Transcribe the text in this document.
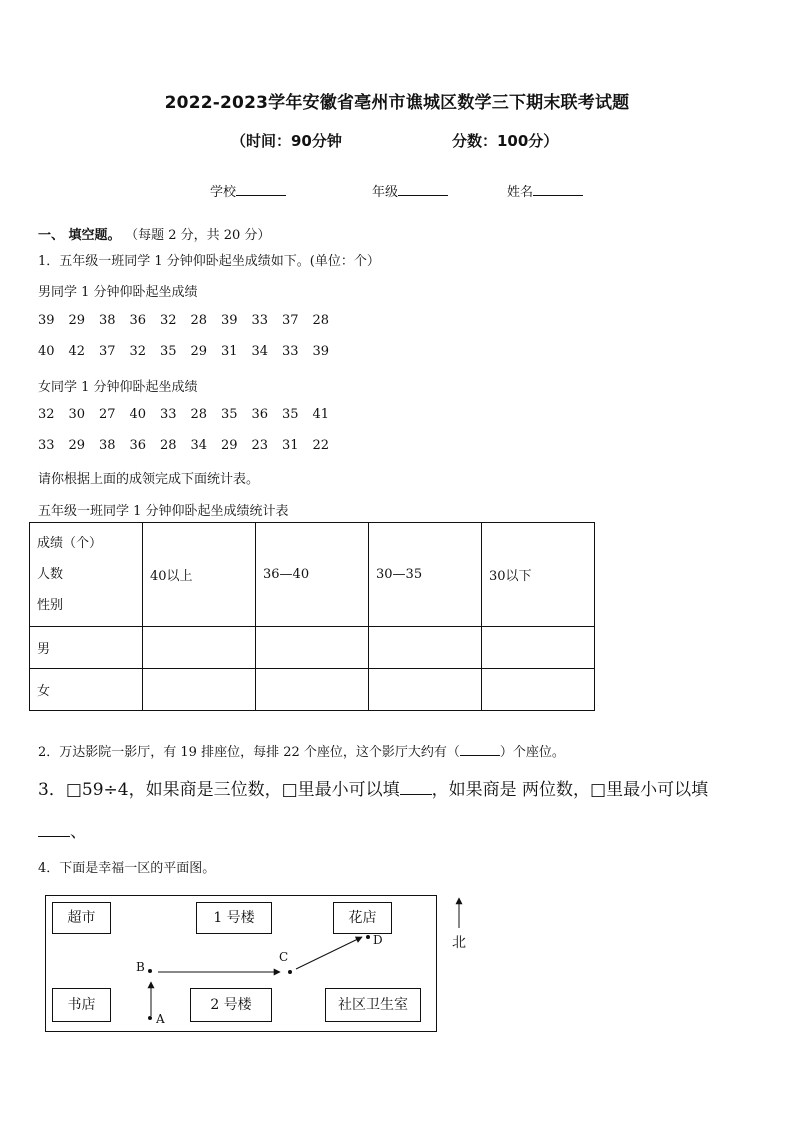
2022-2023学年安徽省亳州市谯城区数学三下期末联考试题
（时间：90分钟	分数：100分）
学校	年级	姓名
一、 填空题。 （每题 2 分，共 20 分）
1．五年级一班同学 1 分钟仰卧起坐成绩如下。(单位：个）
男同学 1 分钟仰卧起坐成绩
39 29 38 36 32 28 39 33 37 28
40 42 37 32 35 29 31 34 33 39
女同学 1 分钟仰卧起坐成绩
32 30 27 40 33 28 35 36 35 41
33 29 38 36 28 34 29 23 31 22
请你根据上面的成领完成下面统计表。
五年级一班同学 1 分钟仰卧起坐成绩统计表
成绩（个）
人数
性别	40以上	36—40	30—35	30以下
男				
女				
2．万达影院一影厅，有 19 排座位，每排 22 个座位，这个影厅大约有（	）个座位。
3．□59÷4，如果商是三位数，□里最小可以填 ，如果商是 两位数，□里最小可以填
、
4．下面是幸福一区的平面图。
超市	1 号楼	花店
书店	2 号楼	社区卫生室
A
B
C
D	北
